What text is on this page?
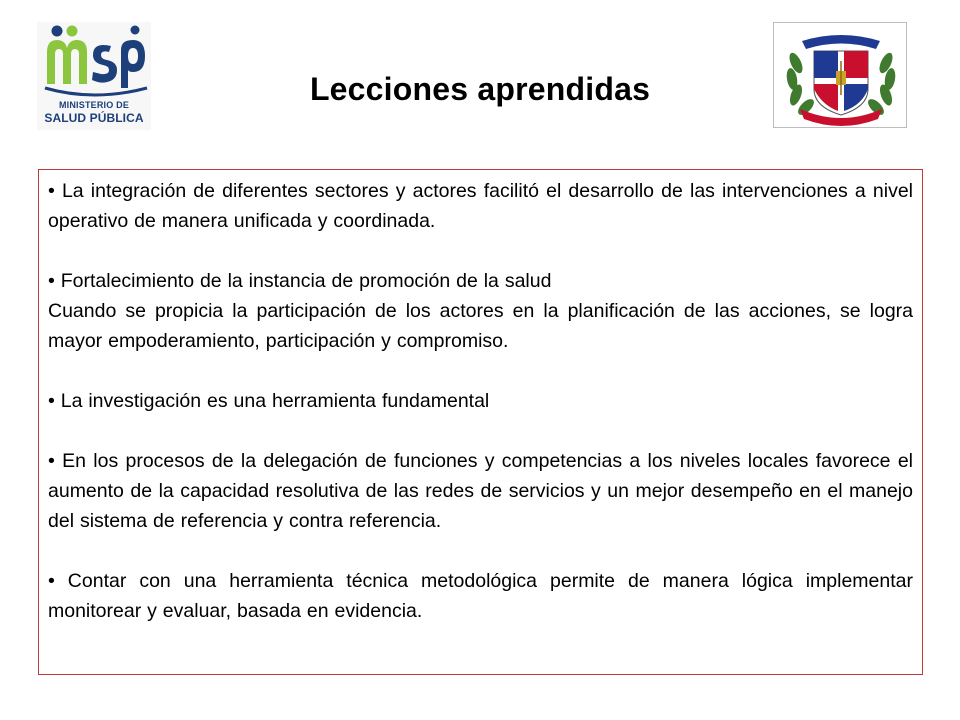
MINISTERIO DE
SALUD PÚBLICA
Lecciones aprendidas

• La integración de diferentes sectores y actores facilitó el desarrollo de las intervenciones a nivel operativo de manera unificada y coordinada.

• Fortalecimiento de la instancia de promoción de la salud

Cuando se propicia la participación de los actores en la planificación de las acciones, se logra mayor empoderamiento, participación y compromiso.

• La investigación es una herramienta fundamental

• En los procesos de la delegación de funciones y competencias a los niveles locales favorece el aumento de la capacidad resolutiva de las redes de servicios y un mejor desempeño en el manejo del sistema de referencia y contra referencia.

• Contar con una herramienta técnica metodológica permite de manera lógica implementar monitorear y evaluar, basada en evidencia.
